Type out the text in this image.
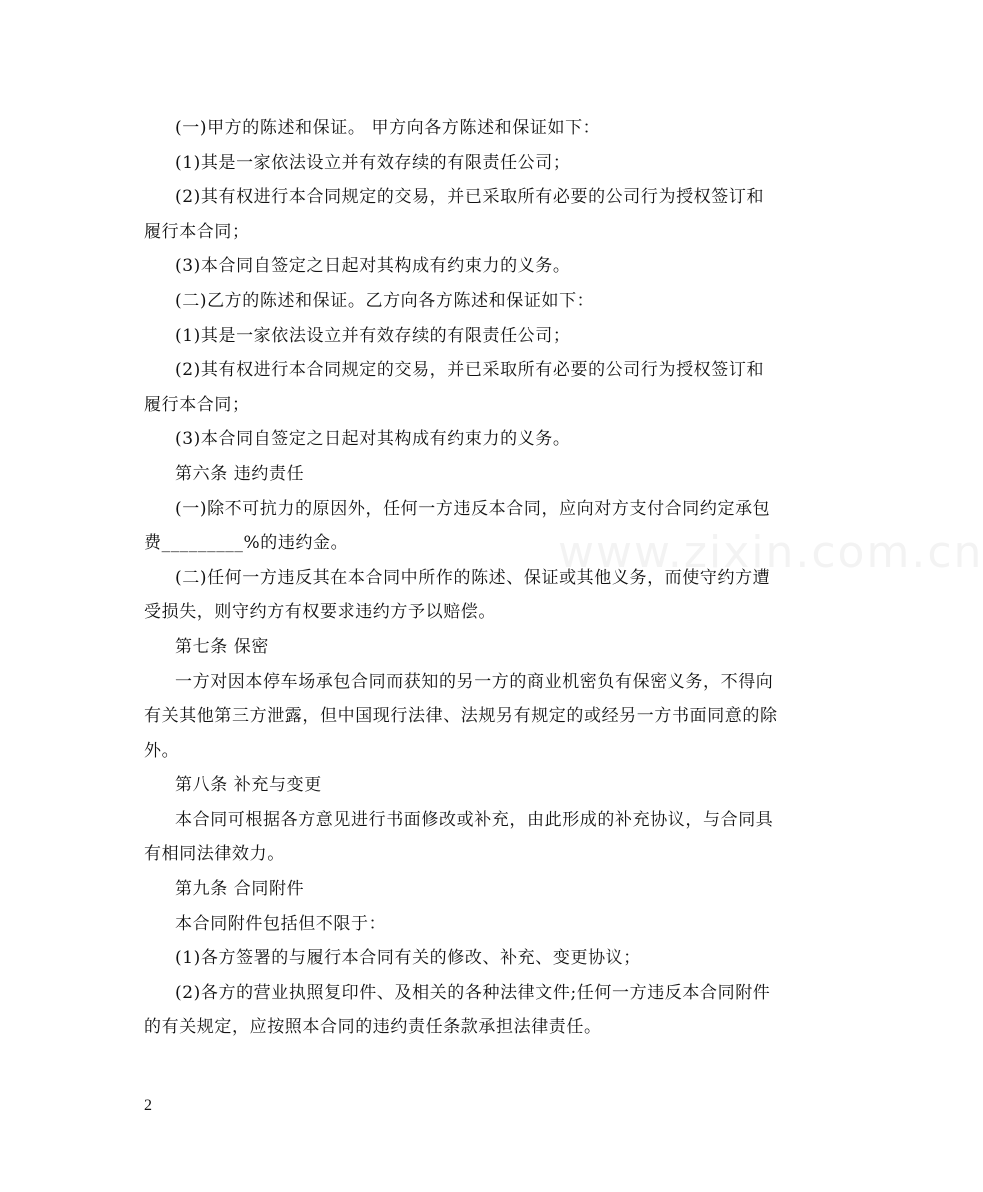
www.zixin.com.cn

(一)甲方的陈述和保证。 甲方向各方陈述和保证如下：

(1)其是一家依法设立并有效存续的有限责任公司；

(2)其有权进行本合同规定的交易，并已采取所有必要的公司行为授权签订和履行本合同；

(3)本合同自签定之日起对其构成有约束力的义务。

(二)乙方的陈述和保证。乙方向各方陈述和保证如下：

(1)其是一家依法设立并有效存续的有限责任公司；

(2)其有权进行本合同规定的交易，并已采取所有必要的公司行为授权签订和履行本合同；

(3)本合同自签定之日起对其构成有约束力的义务。

第六条 违约责任

(一)除不可抗力的原因外，任何一方违反本合同，应向对方支付合同约定承包费_________%的违约金。

(二)任何一方违反其在本合同中所作的陈述、保证或其他义务，而使守约方遭受损失，则守约方有权要求违约方予以赔偿。

第七条 保密

一方对因本停车场承包合同而获知的另一方的商业机密负有保密义务，不得向有关其他第三方泄露，但中国现行法律、法规另有规定的或经另一方书面同意的除外。

第八条 补充与变更

本合同可根据各方意见进行书面修改或补充，由此形成的补充协议，与合同具有相同法律效力。

第九条 合同附件

本合同附件包括但不限于：

(1)各方签署的与履行本合同有关的修改、补充、变更协议；

(2)各方的营业执照复印件、及相关的各种法律文件;任何一方违反本合同附件的有关规定，应按照本合同的违约责任条款承担法律责任。

2
